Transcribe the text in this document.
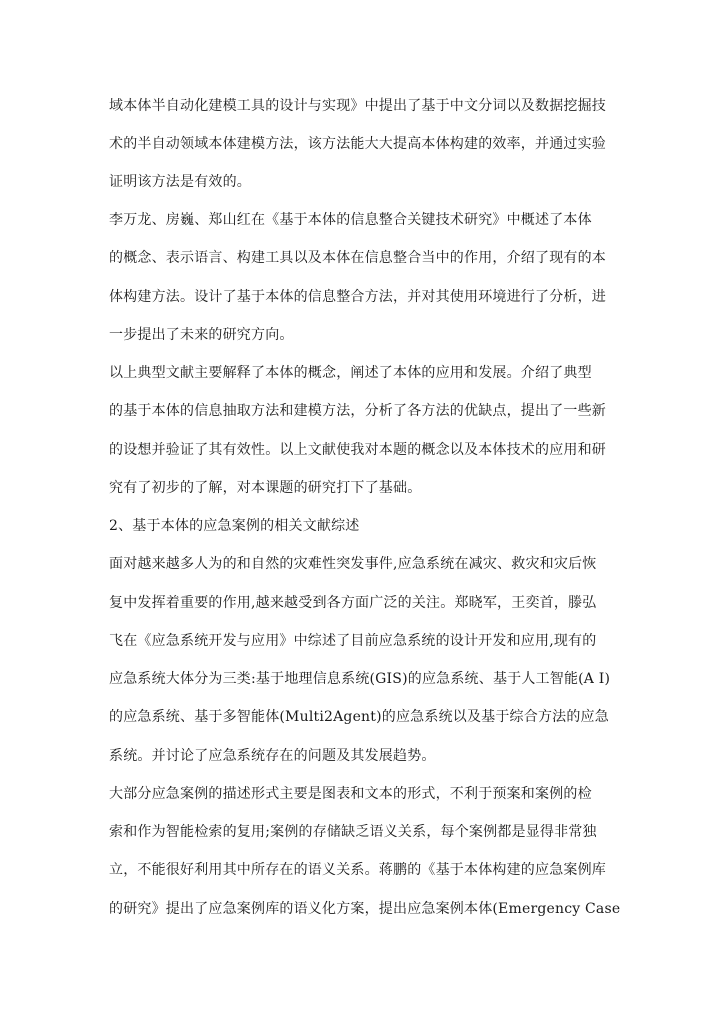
域本体半自动化建模工具的设计与实现》中提出了基于中文分词以及数据挖掘技
术的半自动领域本体建模方法，该方法能大大提高本体构建的效率，并通过实验
证明该方法是有效的。
李万龙、房巍、郑山红在《基于本体的信息整合关键技术研究》中概述了本体
的概念、表示语言、构建工具以及本体在信息整合当中的作用，介绍了现有的本
体构建方法。设计了基于本体的信息整合方法，并对其使用环境进行了分析，进
一步提出了未来的研究方向。
以上典型文献主要解释了本体的概念，阐述了本体的应用和发展。介绍了典型
的基于本体的信息抽取方法和建模方法，分析了各方法的优缺点，提出了一些新
的设想并验证了其有效性。以上文献使我对本题的概念以及本体技术的应用和研
究有了初步的了解，对本课题的研究打下了基础。
2、基于本体的应急案例的相关文献综述
面对越来越多人为的和自然的灾难性突发事件,应急系统在减灾、救灾和灾后恢
复中发挥着重要的作用,越来越受到各方面广泛的关注。郑晓军，王奕首，滕弘
飞在《应急系统开发与应用》中综述了目前应急系统的设计开发和应用,现有的
应急系统大体分为三类:基于地理信息系统(GIS)的应急系统、基于人工智能(A I)
的应急系统、基于多智能体(Multi2Agent)的应急系统以及基于综合方法的应急
系统。并讨论了应急系统存在的问题及其发展趋势。
大部分应急案例的描述形式主要是图表和文本的形式，不利于预案和案例的检
索和作为智能检索的复用;案例的存储缺乏语义关系，每个案例都是显得非常独
立，不能很好利用其中所存在的语义关系。蒋鹏的《基于本体构建的应急案例库
的研究》提出了应急案例库的语义化方案，提出应急案例本体(Emergency Case
